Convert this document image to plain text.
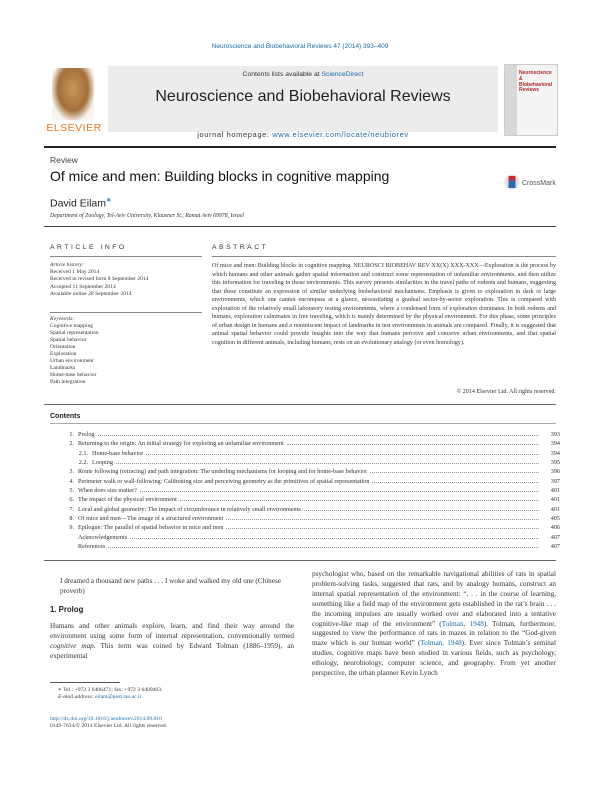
Neuroscience and Biobehavioral Reviews 47 (2014) 393–409
ELSEVIER
Contents lists available at ScienceDirect
Neuroscience and Biobehavioral Reviews
journal homepage: www.elsevier.com/locate/neubiorev
Neuroscience & Biobehavioral Reviews
Review
Of mice and men: Building blocks in cognitive mapping	CrossMark
David Eilam∗
Department of Zoology, Tel-Aviv University, Klausner St., Ramat Aviv 69978, Israel
ARTICLE INFO
Article history:
Received 1 May 2014
Received in revised form 8 September 2014
Accepted 11 September 2014
Available online 28 September 2014
Keywords:
Cognitive mapping
Spatial representation
Spatial behavior
Orientation
Exploration
Urban environment
Landmarks
Home-base behavior
Path integration
ABSTRACT
Of mice and men: Building blocks in cognitive mapping. NEUROSCI BIOBEHAV REV XX(X) XXX-XXX—Exploration is the process by which humans and other animals gather spatial information and construct some representation of unfamiliar environments, and then utilize this information for traveling in those environments. This survey presents similarities in the travel paths of rodents and humans, suggesting that these constitute an expression of similar underlying biobehavioral mechanisms. Emphasis is given to exploration in dark or large environments, which one cannot encompass at a glance, necessitating a gradual sector-by-sector exploration. This is compared with exploration of the relatively small laboratory testing environments, where a condensed form of exploration dominates. In both rodents and humans, exploration culminates in free traveling, which is mainly determined by the physical environment. For this phase, some principles of urban design in humans and a reminiscent impact of landmarks in test environments in animals are compared. Finally, it is suggested that animal spatial behavior could provide insights into the way that humans perceive and conceive urban environments, and that spatial cognition in different animals, including humans, rests on an evolutionary analogy (or even homology).
© 2014 Elsevier Ltd. All rights reserved.
Contents
1. Prolog	393
2. Returning to the origin: An initial strategy for exploring an unfamiliar environment	394
2.1. Home-base behavior	394
2.2. Looping	395
3. Route following (retracing) and path integration: The underling mechanisms for looping and for home-base behavior	396
4. Perimeter walk or wall-following: Calibrating size and perceiving geometry as the primitives of spatial representation	397
5. When does size matter?	401
6. The impact of the physical environment	401
7. Local and global geometry: The impact of circumference in relatively small environments	401
8. Of mice and men—The image of a structured environment	405
9. Epilogue: The parallel of spatial behavior in mice and men	406
Acknowledgements	407
References	407
I dreamed a thousand new paths . . . I woke and walked my old one (Chinese proverb)
1. Prolog
Humans and other animals explore, learn, and find their way around the environment using some form of internal representation, conventionally termed cognitive map. This term was coined by Edward Tolman (1886–1959), an experimental
psychologist who, based on the remarkable navigational abilities of rats in spatial problem-solving tasks, suggested that rats, and by analogy humans, construct an internal spatial representation of the environment: “. . . in the course of learning, something like a field map of the environment gets established in the rat’s brain . . . the incoming impulses are usually worked over and elaborated into a tentative cognitive-like map of the environment” (Tolman, 1948). Tolman, furthermore, suggested to view the performance of rats in mazes in relation to the “God-given maze which is our human world” (Tolman, 1948). Ever since Tolman’s seminal studies, cognitive maps have been studied in various fields, such as psychology, ethology, neurobiology, computer science, and geography. From yet another perspective, the urban planner Kevin Lynch
∗ Tel.: +972 3 6406471; fax: +972 3 6409403.
E-mail address: eilam@post.tau.ac.il
http://dx.doi.org/10.1016/j.neubiorev.2014.09.010
0149-7634/© 2014 Elsevier Ltd. All rights reserved.
